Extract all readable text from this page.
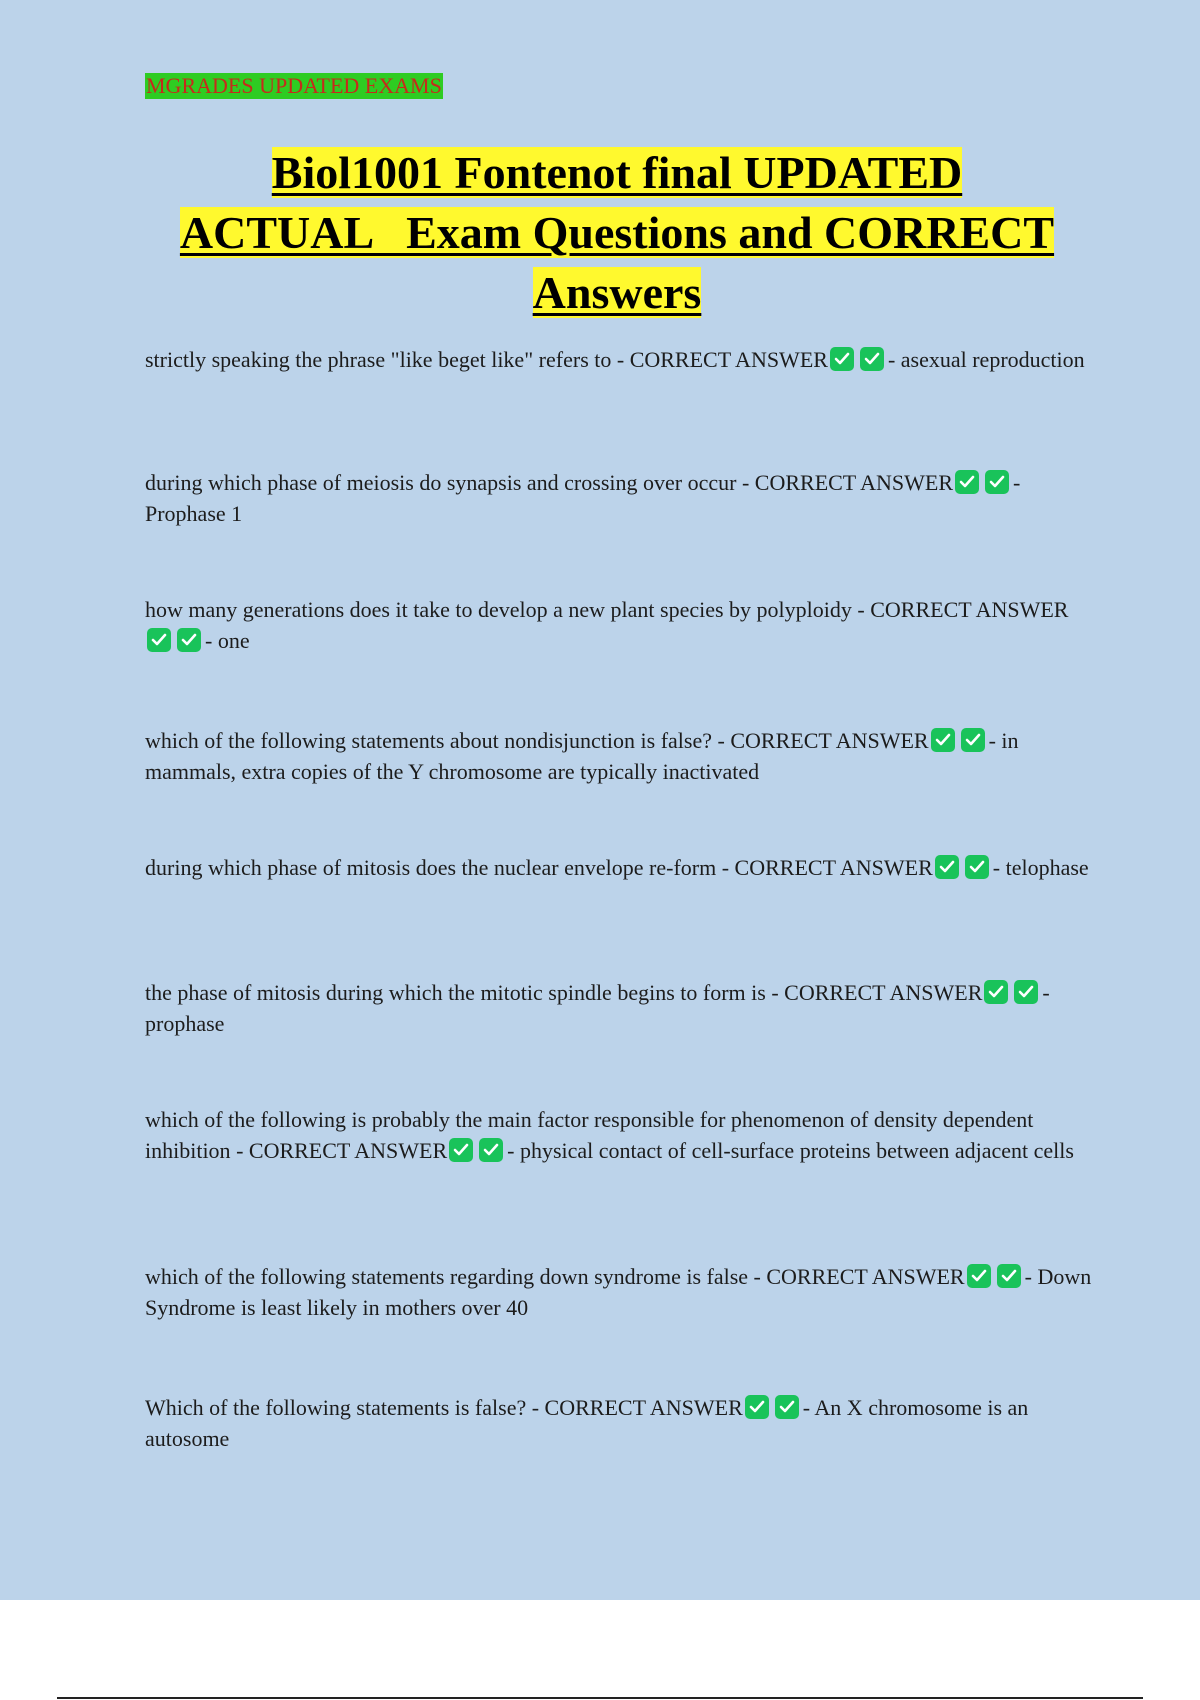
MGRADES UPDATED EXAMS

Biol1001 Fontenot final UPDATED
ACTUAL   Exam Questions and CORRECT
Answers

strictly speaking the phrase "like beget like" refers to - CORRECT ANSWER	- asexual reproduction

during which phase of meiosis do synapsis and crossing over occur - CORRECT ANSWER	- Prophase 1

how many generations does it take to develop a new plant species by polyploidy - CORRECT ANSWER
- one

which of the following statements about nondisjunction is false? - CORRECT ANSWER	- in mammals, extra copies of the Y chromosome are typically inactivated

during which phase of mitosis does the nuclear envelope re-form - CORRECT ANSWER	- telophase

the phase of mitosis during which the mitotic spindle begins to form is - CORRECT ANSWER	- prophase

which of the following is probably the main factor responsible for phenomenon of density dependent inhibition - CORRECT ANSWER	- physical contact of cell-surface proteins between adjacent cells

which of the following statements regarding down syndrome is false - CORRECT ANSWER	- Down Syndrome is least likely in mothers over 40

Which of the following statements is false? - CORRECT ANSWER	- An X chromosome is an autosome
